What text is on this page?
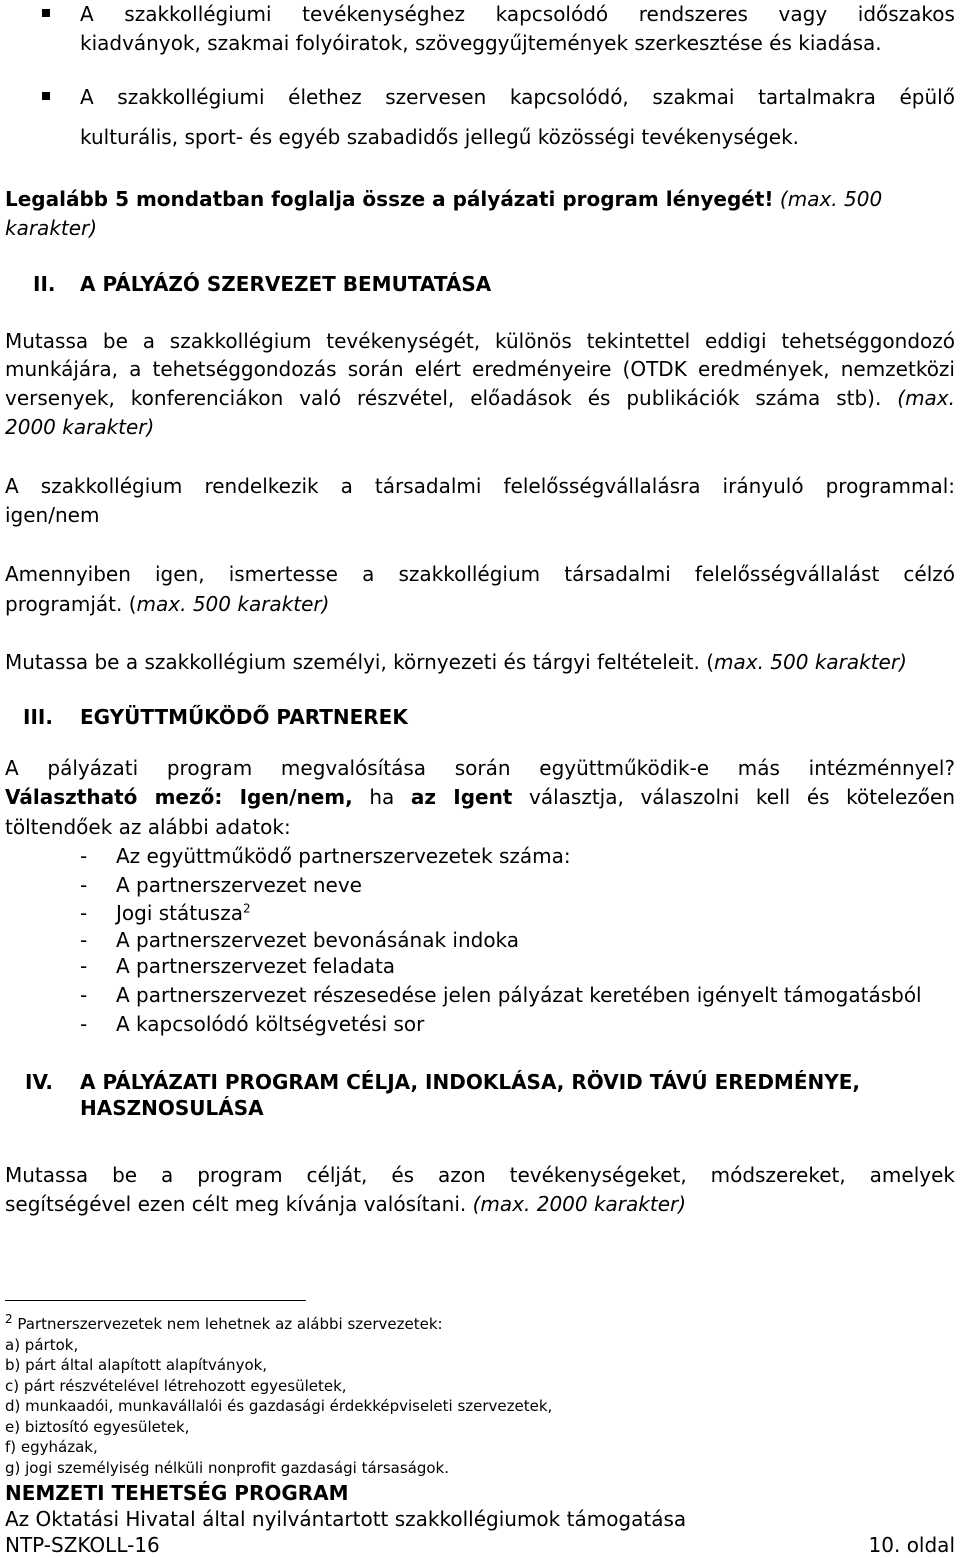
A szakkollégiumi tevékenységhez kapcsolódó rendszeres vagy időszakos
kiadványok, szakmai folyóiratok, szöveggyűjtemények szerkesztése és kiadása.
A szakkollégiumi élethez szervesen kapcsolódó, szakmai tartalmakra épülő
kulturális, sport- és egyéb szabadidős jellegű közösségi tevékenységek.
Legalább 5 mondatban foglalja össze a pályázati program lényegét! (max. 500
karakter)
II. A PÁLYÁZÓ SZERVEZET BEMUTATÁSA
Mutassa be a szakkollégium tevékenységét, különös tekintettel eddigi tehetséggondozó
munkájára, a tehetséggondozás során elért eredményeire (OTDK eredmények, nemzetközi
versenyek, konferenciákon való részvétel, előadások és publikációk száma stb). (max.
2000 karakter)
A szakkollégium rendelkezik a társadalmi felelősségvállalásra irányuló programmal:
igen/nem
Amennyiben igen, ismertesse a szakkollégium társadalmi felelősségvállalást célzó
programját. (max. 500 karakter)
Mutassa be a szakkollégium személyi, környezeti és tárgyi feltételeit. (max. 500 karakter)
III. EGYÜTTMŰKÖDŐ PARTNEREK
A pályázati program megvalósítása során együttműködik-e más intézménnyel?
Választható mező: Igen/nem, ha az Igent választja, válaszolni kell és kötelezően
töltendőek az alábbi adatok:
- Az együttműködő partnerszervezetek száma:
- A partnerszervezet neve
- Jogi státusza$^2$
- A partnerszervezet bevonásának indoka
- A partnerszervezet feladata
- A partnerszervezet részesedése jelen pályázat keretében igényelt támogatásból
- A kapcsolódó költségvetési sor
IV. A PÁLYÁZATI PROGRAM CÉLJA, INDOKLÁSA, RÖVID TÁVÚ EREDMÉNYE,
HASZNOSULÁSA
Mutassa be a program célját, és azon tevékenységeket, módszereket, amelyek
segítségével ezen célt meg kívánja valósítani. (max. 2000 karakter)
$^2$ Partnerszervezetek nem lehetnek az alábbi szervezetek:
a) pártok,
b) párt által alapított alapítványok,
c) párt részvételével létrehozott egyesületek,
d) munkaadói, munkavállalói és gazdasági érdekképviseleti szervezetek,
e) biztosító egyesületek,
f) egyházak,
g) jogi személyiség nélküli nonprofit gazdasági társaságok.
NEMZETI TEHETSÉG PROGRAM
Az Oktatási Hivatal által nyilvántartott szakkollégiumok támogatása
NTP-SZKOLL-16	10. oldal
